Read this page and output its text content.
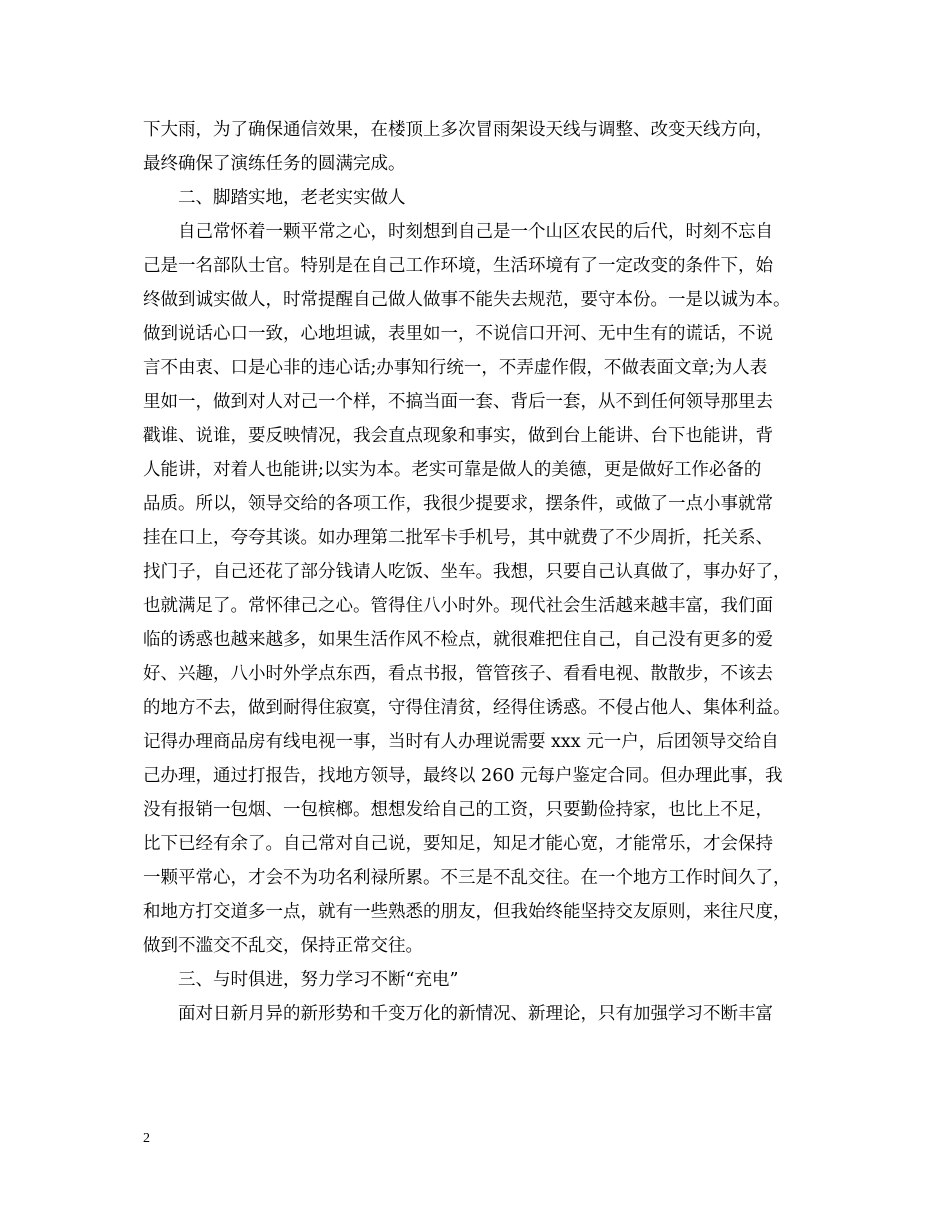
下大雨，为了确保通信效果，在楼顶上多次冒雨架设天线与调整、改变天线方向，
最终确保了演练任务的圆满完成。
二、脚踏实地，老老实实做人
自己常怀着一颗平常之心，时刻想到自己是一个山区农民的后代，时刻不忘自
己是一名部队士官。特别是在自己工作环境，生活环境有了一定改变的条件下，始
终做到诚实做人，时常提醒自己做人做事不能失去规范，要守本份。一是以诚为本。
做到说话心口一致，心地坦诚，表里如一，不说信口开河、无中生有的谎话，不说
言不由衷、口是心非的违心话;办事知行统一，不弄虚作假，不做表面文章;为人表
里如一，做到对人对己一个样，不搞当面一套、背后一套，从不到任何领导那里去
戳谁、说谁，要反映情况，我会直点现象和事实，做到台上能讲、台下也能讲，背
人能讲，对着人也能讲;以实为本。老实可靠是做人的美德，更是做好工作必备的
品质。所以，领导交给的各项工作，我很少提要求，摆条件，或做了一点小事就常
挂在口上，夸夸其谈。如办理第二批军卡手机号，其中就费了不少周折，托关系、
找门子，自己还花了部分钱请人吃饭、坐车。我想，只要自己认真做了，事办好了，
也就满足了。常怀律己之心。管得住八小时外。现代社会生活越来越丰富，我们面
临的诱惑也越来越多，如果生活作风不检点，就很难把住自己，自己没有更多的爱
好、兴趣，八小时外学点东西，看点书报，管管孩子、看看电视、散散步，不该去
的地方不去，做到耐得住寂寞，守得住清贫，经得住诱惑。不侵占他人、集体利益。
记得办理商品房有线电视一事，当时有人办理说需要 xxx 元一户，后团领导交给自
己办理，通过打报告，找地方领导，最终以 260 元每户鉴定合同。但办理此事，我
没有报销一包烟、一包槟榔。想想发给自己的工资，只要勤俭持家，也比上不足，
比下已经有余了。自己常对自己说，要知足，知足才能心宽，才能常乐，才会保持
一颗平常心，才会不为功名利禄所累。不三是不乱交往。在一个地方工作时间久了，
和地方打交道多一点，就有一些熟悉的朋友，但我始终能坚持交友原则，来往尺度，
做到不滥交不乱交，保持正常交往。
三、与时俱进，努力学习不断“充电”
面对日新月异的新形势和千变万化的新情况、新理论，只有加强学习不断丰富
2
